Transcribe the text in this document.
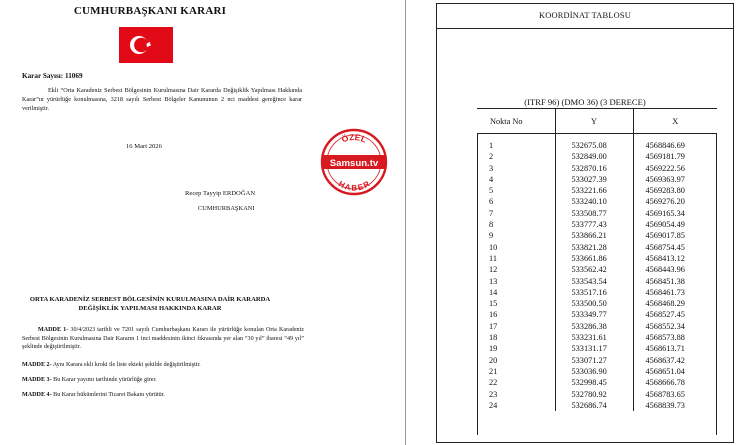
CUMHURBAŞKANI KARARI
Karar Sayısı: 11069
Ekli “Orta Karadeniz Serbest Bölgesinin Kurulmasına Dair Kararda Değişiklik Yapılması Hakkında Karar”ın yürürlüğe konulmasına, 3218 sayılı Serbest Bölgeler Kanununun 2 nci maddesi gereğince karar verilmiştir.
16 Mart 2026
Recep Tayyip ERDOĞAN
CUMHURBAŞKANI
ORTA KARADENİZ SERBEST BÖLGESİNİN KURULMASINA DAİR KARARDA
DEĞİŞİKLİK YAPILMASI HAKKINDA KARAR
MADDE 1- 30/4/2023 tarihli ve 7201 sayılı Cumhurbaşkanı Kararı ile yürürlüğe konulan Orta Karadeniz Serbest Bölgesinin Kurulmasına Dair Kararın 1 inci maddesinin ikinci fıkrasında yer alan “30 yıl” ibaresi “49 yıl” şeklinde değiştirilmiştir.
MADDE 2- Aynı Karara ekli kroki ile liste ekteki şekilde değiştirilmiştir.
MADDE 3- Bu Karar yayımı tarihinde yürürlüğe girer.
MADDE 4- Bu Karar hükümlerini Ticaret Bakanı yürütür.
ÖZEL
Samsun.tv
HABER
KOORDİNAT TABLOSU
(ITRF 96) (DMO 36) (3 DERECE)
Nokta No	Y	X
1	532675.08	4568846.69
2	532849.00	4569181.79
3	532870.16	4569222.56
4	533027.39	4569363.97
5	533221.66	4569283.80
6	533240.10	4569276.20
7	533508.77	4569165.34
8	533777.43	4569054.49
9	533866.21	4569017.85
10	533821.28	4568754.45
11	533661.86	4568413.12
12	533562.42	4568443.96
13	533543.54	4568451.38
14	533517.16	4568461.73
15	533500.50	4568468.29
16	533349.77	4568527.45
17	533286.38	4568552.34
18	533231.61	4568573.88
19	533131.17	4568613.71
20	533071.27	4568637.42
21	533036.90	4568651.04
22	532998.45	4568666.78
23	532780.92	4568783.65
24	532686.74	4568839.73
